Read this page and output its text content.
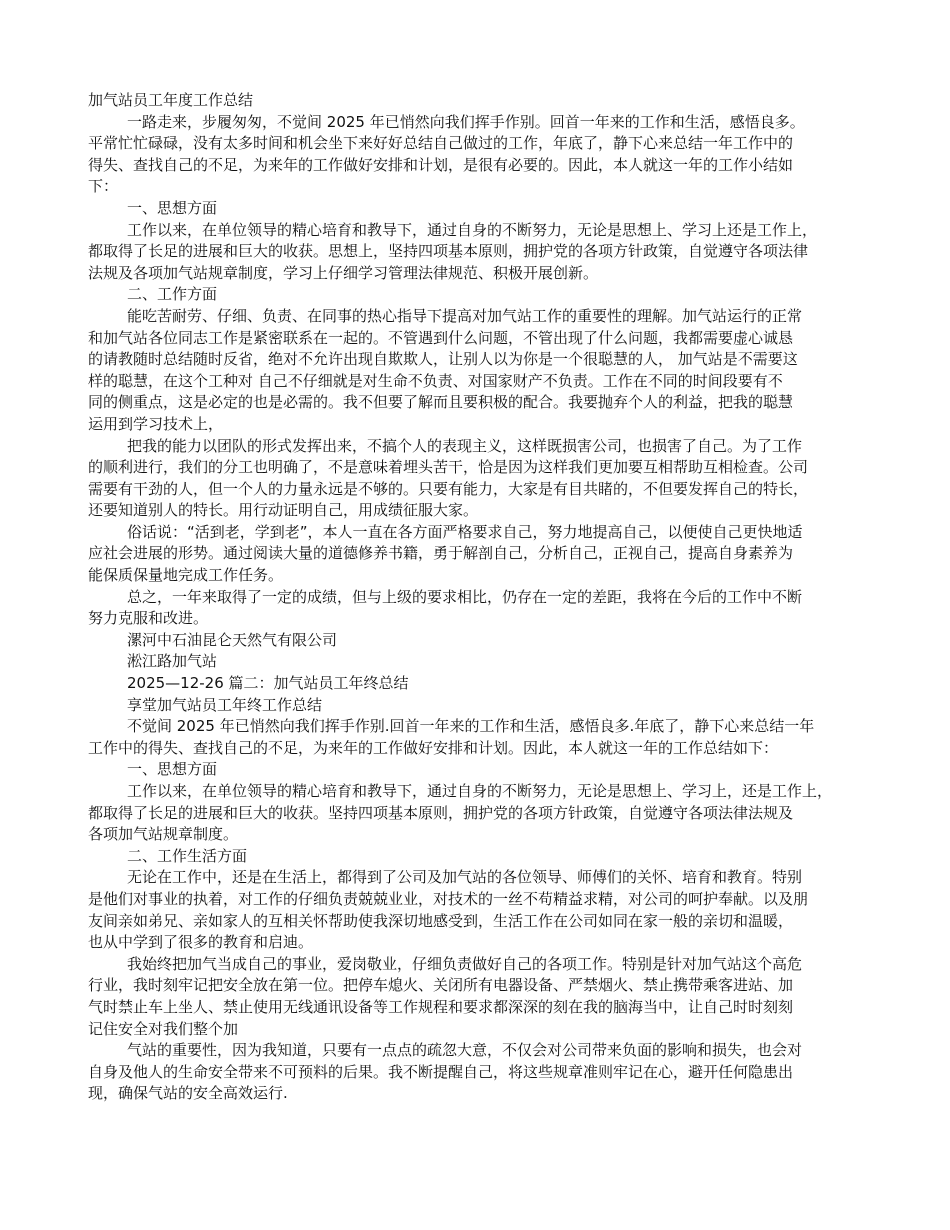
加气站员工年度工作总结
一路走来，步履匆匆，不觉间 2025 年已悄然向我们挥手作别。回首一年来的工作和生活，感悟良多。
平常忙忙碌碌，没有太多时间和机会坐下来好好总结自己做过的工作，年底了，静下心来总结一年工作中的
得失、查找自己的不足，为来年的工作做好安排和计划，是很有必要的。因此，本人就这一年的工作小结如
下：
一、思想方面
工作以来，在单位领导的精心培育和教导下，通过自身的不断努力，无论是思想上、学习上还是工作上，
都取得了长足的进展和巨大的收获。思想上，坚持四项基本原则，拥护党的各项方针政策，自觉遵守各项法律
法规及各项加气站规章制度，学习上仔细学习管理法律规范、积极开展创新。
二、工作方面
能吃苦耐劳、仔细、负责、在同事的热心指导下提高对加气站工作的重要性的理解。加气站运行的正常
和加气站各位同志工作是紧密联系在一起的。不管遇到什么问题，不管出现了什么问题，我都需要虚心诚恳
的请教随时总结随时反省，绝对不允许出现自欺欺人，让别人以为你是一个很聪慧的人， 加气站是不需要这
样的聪慧，在这个工种对 自己不仔细就是对生命不负责、对国家财产不负责。工作在不同的时间段要有不
同的侧重点，这是必定的也是必需的。我不但要了解而且要积极的配合。我要抛弃个人的利益，把我的聪慧
运用到学习技术上，
把我的能力以团队的形式发挥出来，不搞个人的表现主义，这样既损害公司，也损害了自己。为了工作
的顺利进行，我们的分工也明确了，不是意味着埋头苦干，恰是因为这样我们更加要互相帮助互相检查。公司
需要有干劲的人，但一个人的力量永远是不够的。只要有能力，大家是有目共睹的，不但要发挥自己的特长，
还要知道别人的特长。用行动证明自己，用成绩征服大家。
俗话说：“活到老，学到老”，本人一直在各方面严格要求自己，努力地提高自己，以便使自己更快地适
应社会进展的形势。通过阅读大量的道德修养书籍，勇于解剖自己，分析自己，正视自己，提高自身素养为
能保质保量地完成工作任务。
总之，一年来取得了一定的成绩，但与上级的要求相比，仍存在一定的差距，我将在今后的工作中不断
努力克服和改进。
漯河中石油昆仑天然气有限公司
淞江路加气站
2025—12-26 篇二：加气站员工年终总结
享堂加气站员工年终工作总结
不觉间 2025 年已悄然向我们挥手作别.回首一年来的工作和生活，感悟良多.年底了，静下心来总结一年
工作中的得失、查找自己的不足，为来年的工作做好安排和计划。因此，本人就这一年的工作总结如下：
一、思想方面
工作以来，在单位领导的精心培育和教导下，通过自身的不断努力，无论是思想上、学习上，还是工作上，
都取得了长足的进展和巨大的收获。坚持四项基本原则，拥护党的各项方针政策，自觉遵守各项法律法规及
各项加气站规章制度。
二、工作生活方面
无论在工作中，还是在生活上，都得到了公司及加气站的各位领导、师傅们的关怀、培育和教育。特别
是他们对事业的执着，对工作的仔细负责兢兢业业，对技术的一丝不苟精益求精，对公司的呵护奉献。以及朋
友间亲如弟兄、亲如家人的互相关怀帮助使我深切地感受到，生活工作在公司如同在家一般的亲切和温暖，
也从中学到了很多的教育和启迪。
我始终把加气当成自己的事业，爱岗敬业，仔细负责做好自己的各项工作。特别是针对加气站这个高危
行业，我时刻牢记把安全放在第一位。把停车熄火、关闭所有电器设备、严禁烟火、禁止携带乘客进站、加
气时禁止车上坐人、禁止使用无线通讯设备等工作规程和要求都深深的刻在我的脑海当中，让自己时时刻刻
记住安全对我们整个加
气站的重要性，因为我知道，只要有一点点的疏忽大意，不仅会对公司带来负面的影响和损失，也会对
自身及他人的生命安全带来不可预料的后果。我不断提醒自己，将这些规章准则牢记在心，避开任何隐患出
现，确保气站的安全高效运行.
